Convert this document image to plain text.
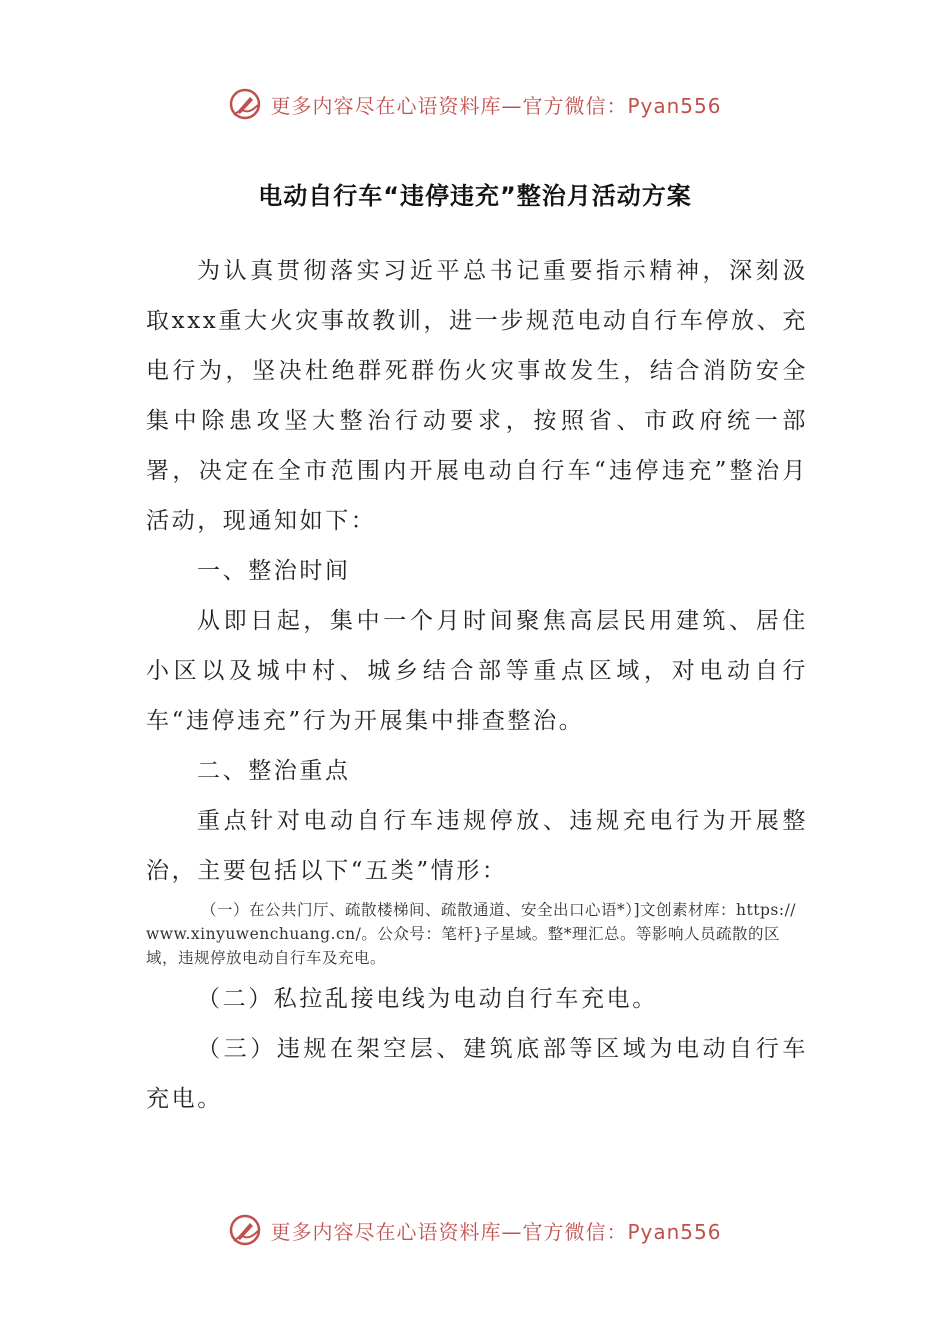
更多内容尽在心语资料库—官方微信：Pyan556
电动自行车“违停违充”整治月活动方案

为认真贯彻落实习近平总书记重要指示精神，深刻汲取xxx重大火灾事故教训，进一步规范电动自行车停放、充电行为，坚决杜绝群死群伤火灾事故发生，结合消防安全集中除患攻坚大整治行动要求，按照省、市政府统一部署，决定在全市范围内开展电动自行车“违停违充”整治月活动，现通知如下：

一、整治时间

从即日起，集中一个月时间聚焦高层民用建筑、居住小区以及城中村、城乡结合部等重点区域，对电动自行车“违停违充”行为开展集中排查整治。

二、整治重点

重点针对电动自行车违规停放、违规充电行为开展整治，主要包括以下“五类”情形：

（一）在公共门厅、疏散楼梯间、疏散通道、安全出口心语*）]文创素材库：https://www.xinyuwenchuang.cn/。公众号：笔杆}子星域。整*理汇总。等影响人员疏散的区域，违规停放电动自行车及充电。

（二）私拉乱接电线为电动自行车充电。

（三）违规在架空层、建筑底部等区域为电动自行车充电。

更多内容尽在心语资料库—官方微信：Pyan556
